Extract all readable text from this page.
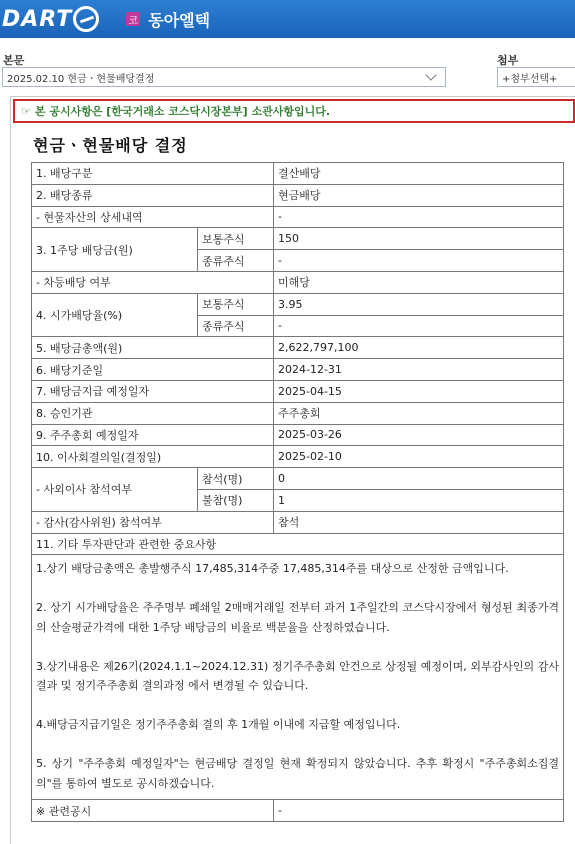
DART	코 동아엘텍
본문
2025.02.10 현금ㆍ현물배당결정
첨부
+첨부선택+
☞ 본 공시사항은 [한국거래소 코스닥시장본부] 소관사항입니다.
현금ㆍ현물배당 결정
1. 배당구분		결산배당
2. 배당종류		현금배당
- 현물자산의 상세내역		-
3. 1주당 배당금(원)	보통주식	150
	종류주식	-
- 차등배당 여부		미해당
4. 시가배당율(%)	보통주식	3.95
	종류주식	-
5. 배당금총액(원)		2,622,797,100
6. 배당기준일		2024-12-31
7. 배당금지급 예정일자		2025-04-15
8. 승인기관		주주총회
9. 주주총회 예정일자		2025-03-26
10. 이사회결의일(결정일)		2025-02-10
- 사외이사 참석여부	참석(명)	0
	불참(명)	1
- 감사(감사위원) 참석여부		참석
11. 기타 투자판단과 관련한 중요사항		

1.상기 배당금총액은 총발행주식 17,485,314주중 17,485,314주를 대상으로 산정한 금액입니다.
2. 상기 시가배당율은 주주명부 폐쇄일 2매매거래일 전부터 과거 1주일간의 코스닥시장에서 형성된 최종가격의 산술평균가격에 대한 1주당 배당금의 비율로 백분율을 산정하였습니다.
3.상기내용은 제26기(2024.1.1~2024.12.31) 정기주주총회 안건으로 상정될 예정이며, 외부감사인의 감사결과 및 정기주주총회 결의과정 에서 변경될 수 있습니다.
4.배당금지급기일은 정기주주총회 결의 후 1개월 이내에 지급할 예정입니다.
5. 상기 "주주총회 예정일자"는 현금배당 결정일 현재 확정되지 않았습니다. 추후 확정시 "주주총회소집결의"를 통하여 별도로 공시하겠습니다.		

※ 관련공시		-
